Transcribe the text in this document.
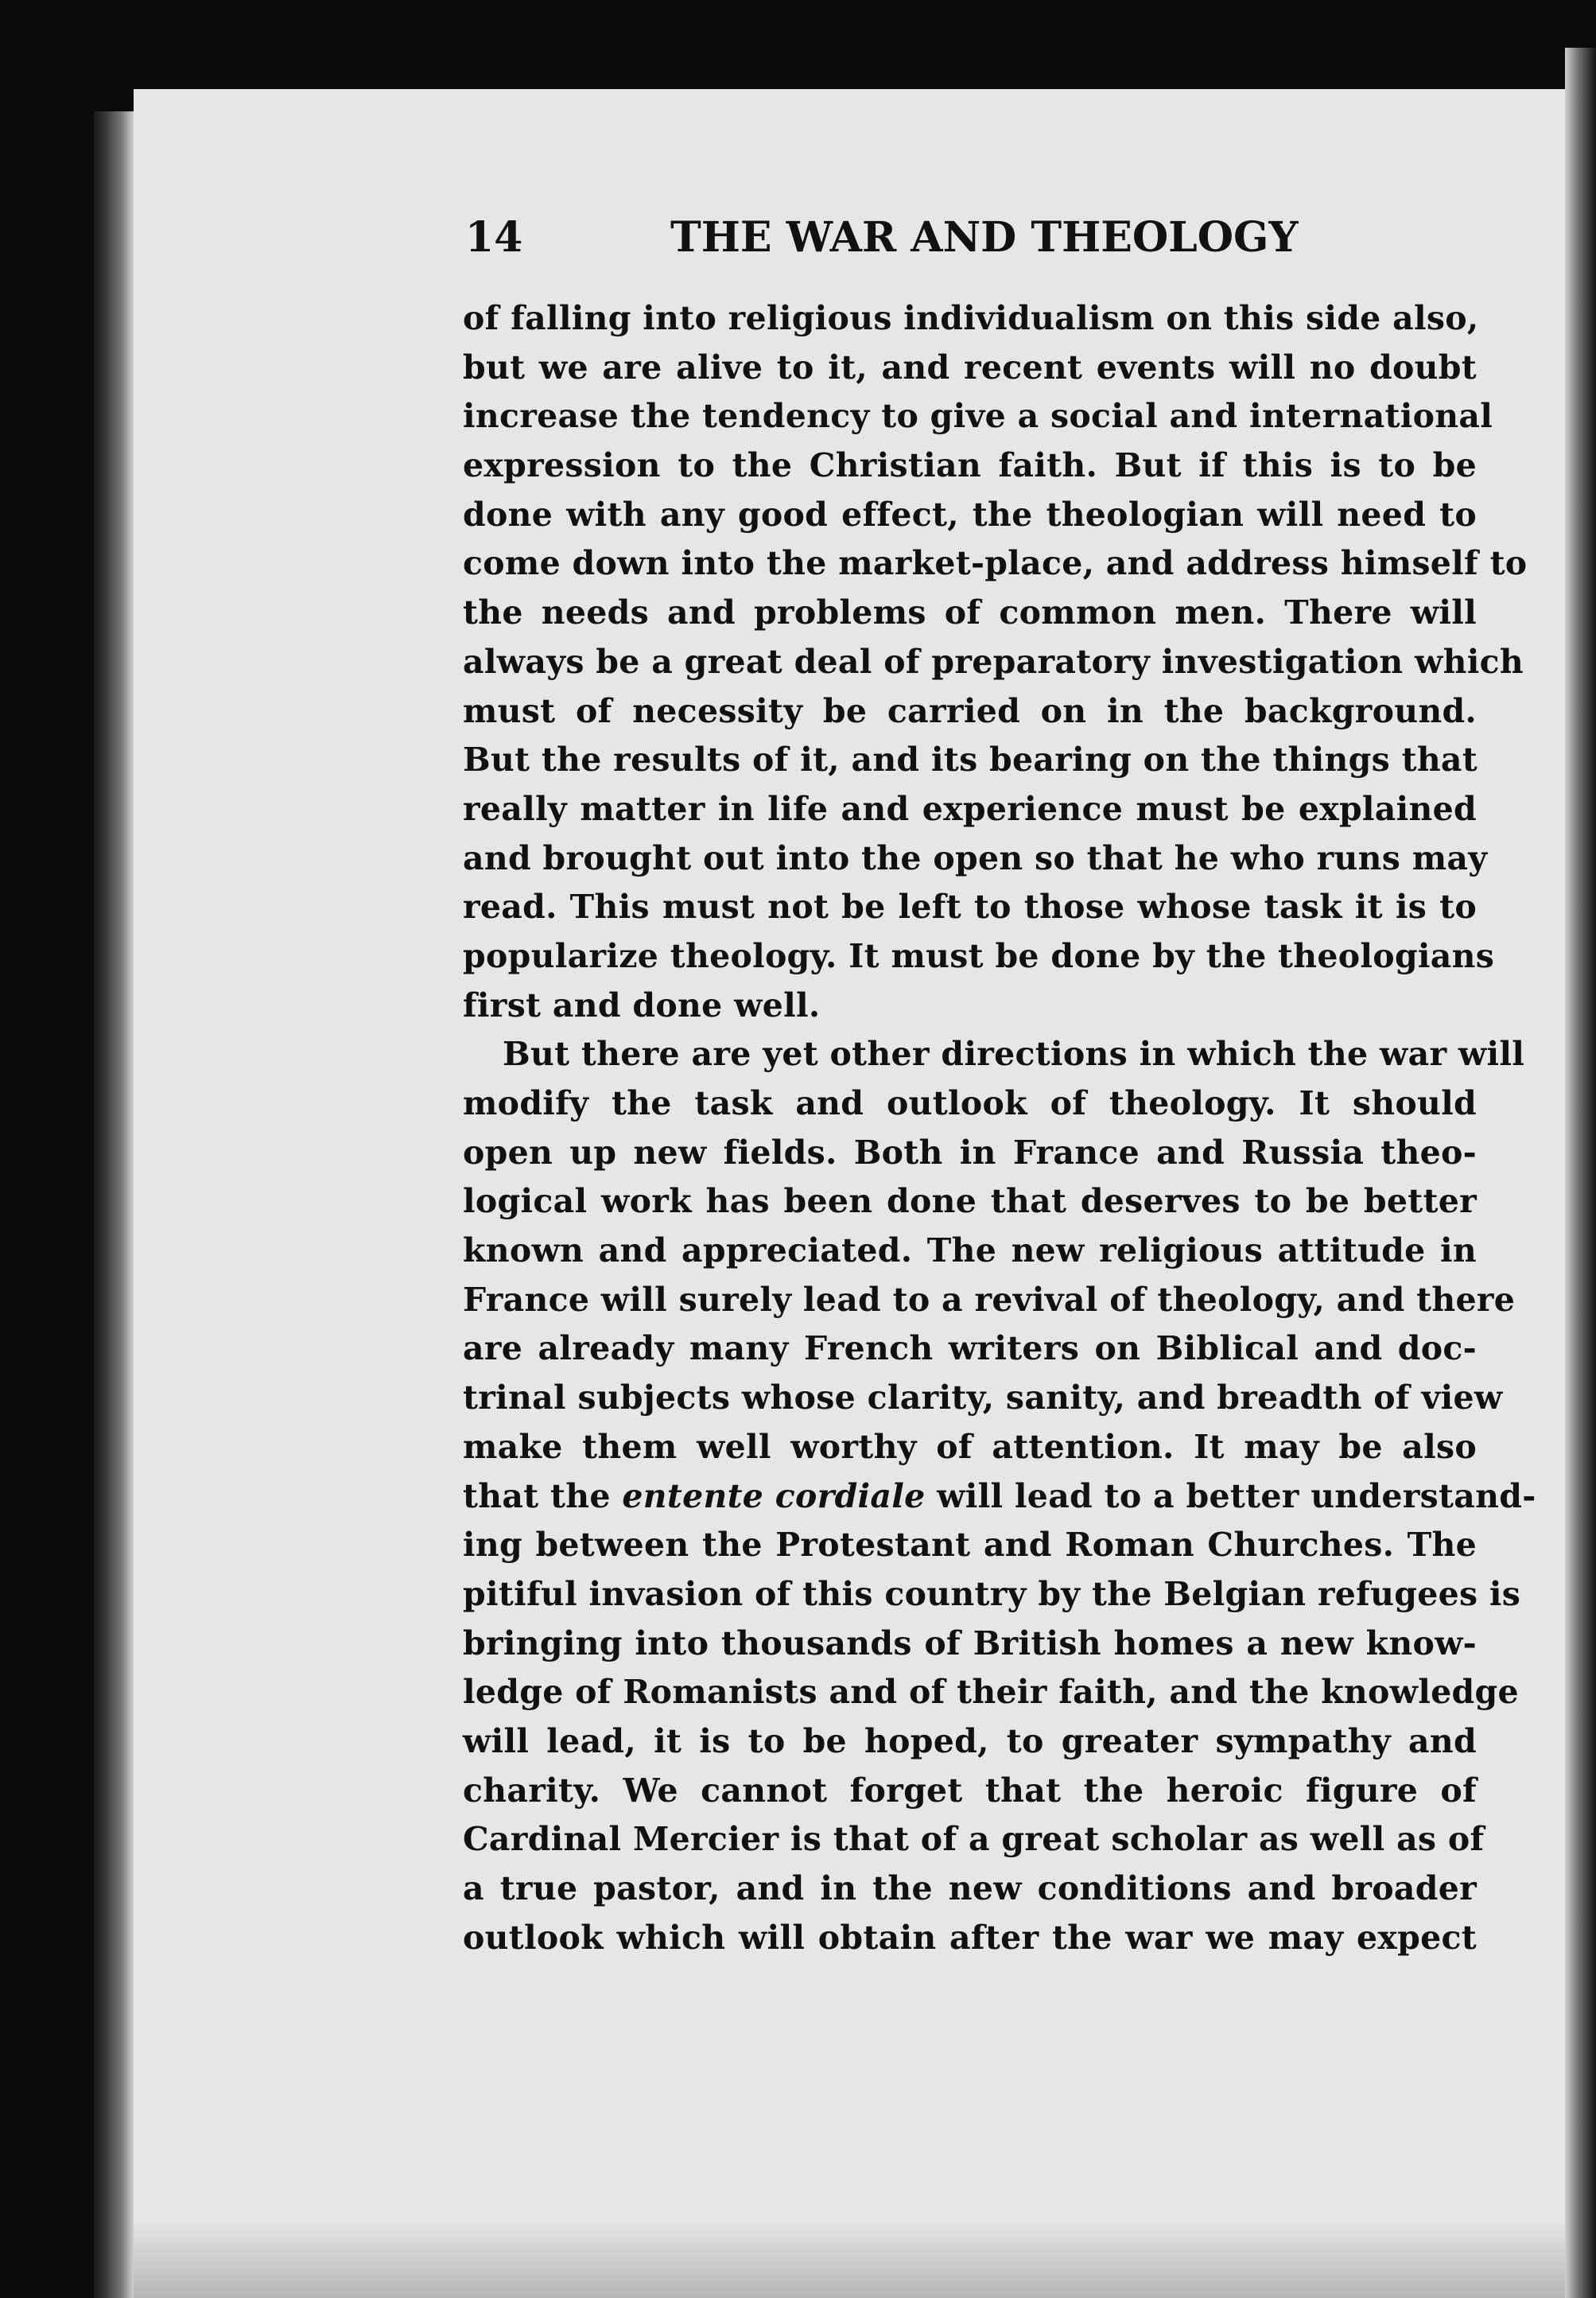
14	THE WAR AND THEOLOGY
of falling into religious individualism on this side also,
but we are alive to it, and recent events will no doubt
increase the tendency to give a social and international
expression to the Christian faith. But if this is to be
done with any good effect, the theologian will need to
come down into the market-place, and address himself to
the needs and problems of common men. There will
always be a great deal of preparatory investigation which
must of necessity be carried on in the background.
But the results of it, and its bearing on the things that
really matter in life and experience must be explained
and brought out into the open so that he who runs may
read. This must not be left to those whose task it is to
popularize theology. It must be done by the theologians
first and done well.
But there are yet other directions in which the war will
modify the task and outlook of theology. It should
open up new fields. Both in France and Russia theo-
logical work has been done that deserves to be better
known and appreciated. The new religious attitude in
France will surely lead to a revival of theology, and there
are already many French writers on Biblical and doc-
trinal subjects whose clarity, sanity, and breadth of view
make them well worthy of attention. It may be also
that the entente cordiale will lead to a better understand-
ing between the Protestant and Roman Churches. The
pitiful invasion of this country by the Belgian refugees is
bringing into thousands of British homes a new know-
ledge of Romanists and of their faith, and the knowledge
will lead, it is to be hoped, to greater sympathy and
charity. We cannot forget that the heroic figure of
Cardinal Mercier is that of a great scholar as well as of
a true pastor, and in the new conditions and broader
outlook which will obtain after the war we may expect
